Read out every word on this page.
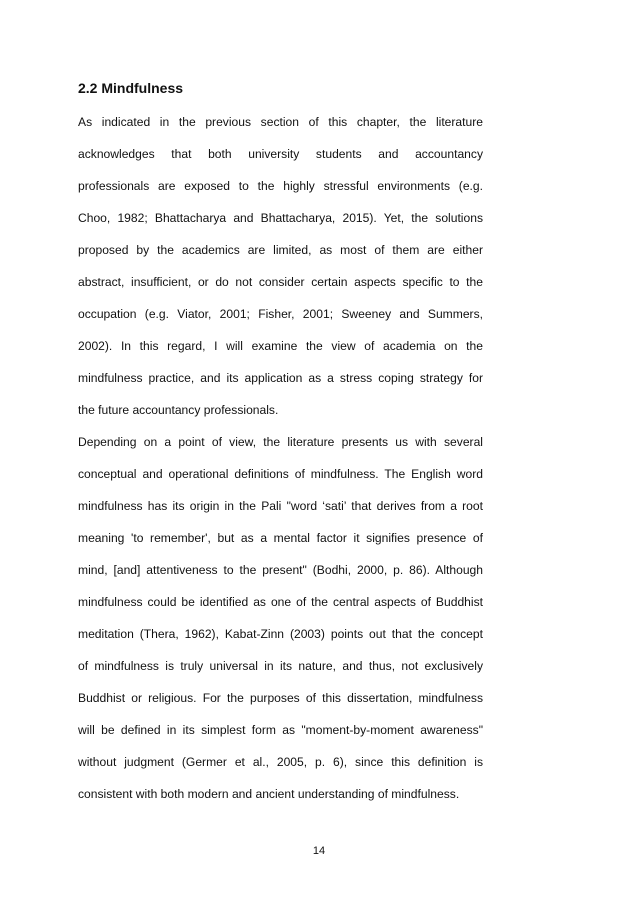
2.2 Mindfulness
As indicated in the previous section of this chapter, the literature
acknowledges that both university students and accountancy
professionals are exposed to the highly stressful environments (e.g.
Choo, 1982; Bhattacharya and Bhattacharya, 2015). Yet, the solutions
proposed by the academics are limited, as most of them are either
abstract, insufficient, or do not consider certain aspects specific to the
occupation (e.g. Viator, 2001; Fisher, 2001; Sweeney and Summers,
2002). In this regard, I will examine the view of academia on the
mindfulness practice, and its application as a stress coping strategy for
the future accountancy professionals.
Depending on a point of view, the literature presents us with several
conceptual and operational definitions of mindfulness. The English word
mindfulness has its origin in the Pali "word ‘sati’ that derives from a root
meaning 'to remember', but as a mental factor it signifies presence of
mind, [and] attentiveness to the present" (Bodhi, 2000, p. 86). Although
mindfulness could be identified as one of the central aspects of Buddhist
meditation (Thera, 1962), Kabat-Zinn (2003) points out that the concept
of mindfulness is truly universal in its nature, and thus, not exclusively
Buddhist or religious. For the purposes of this dissertation, mindfulness
will be defined in its simplest form as "moment-by-moment awareness"
without judgment (Germer et al., 2005, p. 6), since this definition is
consistent with both modern and ancient understanding of mindfulness.
14
